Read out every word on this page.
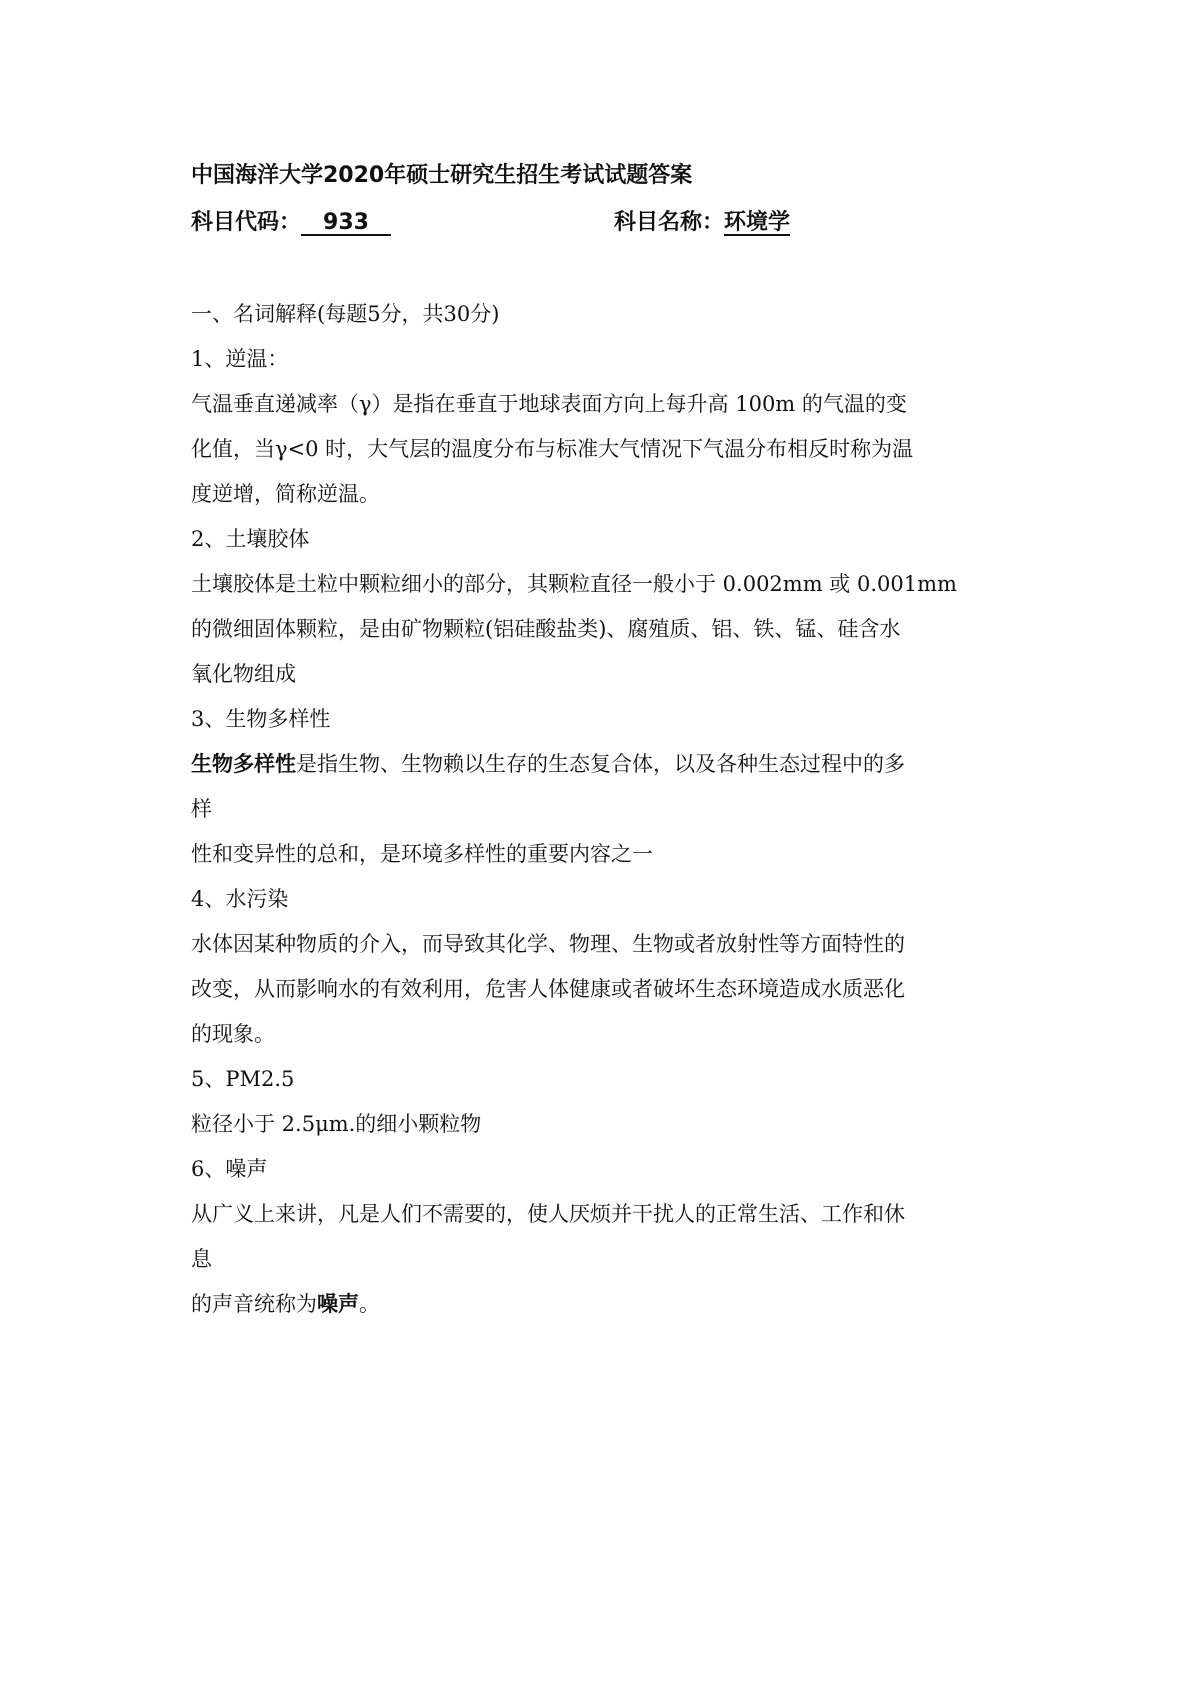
中国海洋大学2020年硕士研究生招生考试试题答案
科目代码： 933	科目名称：环境学

一、名词解释(每题5分，共30分)

1、逆温：

气温垂直递减率（γ）是指在垂直于地球表面方向上每升高 100m 的气温的变

化值，当γ<0 时，大气层的温度分布与标准大气情况下气温分布相反时称为温

度逆增，简称逆温。

2、土壤胶体

土壤胶体是土粒中颗粒细小的部分，其颗粒直径一般小于 0.002mm 或 0.001mm

的微细固体颗粒，是由矿物颗粒(铝硅酸盐类)、腐殖质、铝、铁、锰、硅含水

氧化物组成

3、生物多样性

生物多样性是指生物、生物赖以生存的生态复合体，以及各种生态过程中的多

样

性和变异性的总和，是环境多样性的重要内容之一

4、水污染

水体因某种物质的介入，而导致其化学、物理、生物或者放射性等方面特性的

改变，从而影响水的有效利用，危害人体健康或者破坏生态环境造成水质恶化

的现象。

5、PM2.5

粒径小于 2.5μm.的细小颗粒物

6、噪声

从广义上来讲，凡是人们不需要的，使人厌烦并干扰人的正常生活、工作和休

息

的声音统称为噪声。
